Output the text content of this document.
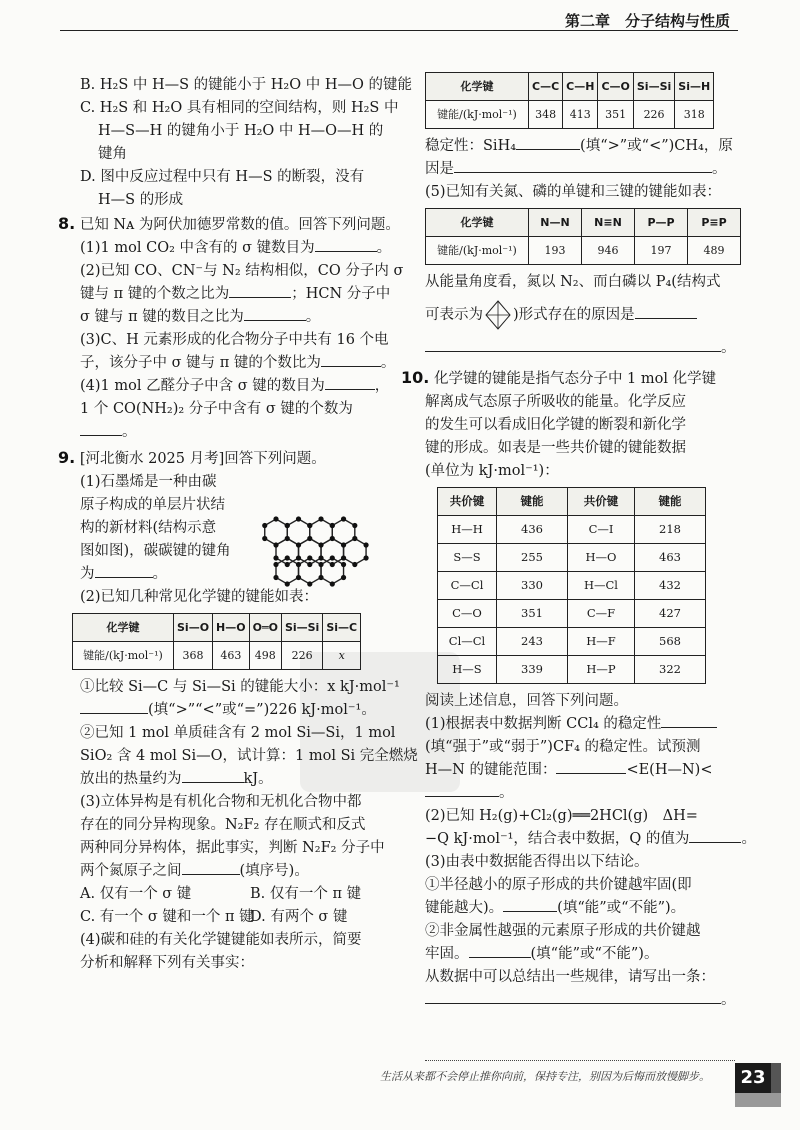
第二章　分子结构与性质

B. H₂S 中 H—S 的键能小于 H₂O 中 H—O 的键能

C. H₂S 和 H₂O 具有相同的空间结构，则 H₂S 中

H—S—H 的键角小于 H₂O 中 H—O—H 的

键角

D. 图中反应过程中只有 H—S 的断裂，没有

H—S 的形成

8. 已知 Nᴀ 为阿伏加德罗常数的值。回答下列问题。

(1)1 mol CO₂ 中含有的 σ 键数目为	。

(2)已知 CO、CN⁻与 N₂ 结构相似，CO 分子内 σ

键与 π 键的个数之比为	；HCN 分子中

σ 键与 π 键的数目之比为	。

(3)C、H 元素形成的化合物分子中共有 16 个电

子，该分子中 σ 键与 π 键的个数比为	。

(4)1 mol 乙醛分子中含 σ 键的数目为	，

1 个 CO(NH₂)₂ 分子中含有 σ 键的个数为

。

9. [河北衡水 2025 月考]回答下列问题。

(1)石墨烯是一种由碳

原子构成的单层片状结

构的新材料(结构示意

图如图)，碳碳键的键角

为	。

(2)已知几种常见化学键的键能如表：

化学键	Si—O	H—O	O═O	Si—Si	Si—C
键能/(kJ·mol⁻¹)	368	463	498	226	x

①比较 Si—C 与 Si—Si 的键能大小：x kJ·mol⁻¹

(填“>”“<”或“=”)226 kJ·mol⁻¹。

②已知 1 mol 单质硅含有 2 mol Si—Si，1 mol

SiO₂ 含 4 mol Si—O，试计算：1 mol Si 完全燃烧

放出的热量约为	kJ。

(3)立体异构是有机化合物和无机化合物中都

存在的同分异构现象。N₂F₂ 存在顺式和反式

两种同分异构体，据此事实，判断 N₂F₂ 分子中

两个氮原子之间	(填序号)。

A. 仅有一个 σ 键	B. 仅有一个 π 键

C. 有一个 σ 键和一个 π 键D. 有两个 σ 键

(4)碳和硅的有关化学键键能如表所示，简要

分析和解释下列有关事实：

化学键	C—C	C—H	C—O	Si—Si	Si—H
键能/(kJ·mol⁻¹)	348	413	351	226	318

稳定性：SiH₄	(填“>”或“<”)CH₄，原

因是	。

(5)已知有关氮、磷的单键和三键的键能如表：

化学键	N—N	N≡N	P—P	P≡P
键能/(kJ·mol⁻¹)	193	946	197	489

从能量角度看，氮以 N₂、而白磷以 P₄(结构式

可表示为 )形式存在的原因是

。

10. 化学键的键能是指气态分子中 1 mol 化学键

解离成气态原子所吸收的能量。化学反应

的发生可以看成旧化学键的断裂和新化学

键的形成。如表是一些共价键的键能数据

(单位为 kJ·mol⁻¹)：

共价键	键能	共价键	键能
H—H	436	C—I	218
S—S	255	H—O	463
C—Cl	330	H—Cl	432
C—O	351	C—F	427
Cl—Cl	243	H—F	568
H—S	339	H—P	322

阅读上述信息，回答下列问题。

(1)根据表中数据判断 CCl₄ 的稳定性

(填“强于”或“弱于”)CF₄ 的稳定性。试预测

H—N 的键能范围：	<E(H—N)<

。

(2)已知 H₂(g)+Cl₂(g)══2HCl(g)　ΔH=

−Q kJ·mol⁻¹，结合表中数据，Q 的值为	。

(3)由表中数据能否得出以下结论。

①半径越小的原子形成的共价键越牢固(即

键能越大)。	(填“能”或“不能”)。

②非金属性越强的元素原子形成的共价键越

牢固。	(填“能”或“不能”)。

从数据中可以总结出一些规律，请写出一条：

。

生活从来都不会停止推你向前，保持专注，别因为后悔而放慢脚步。	23
